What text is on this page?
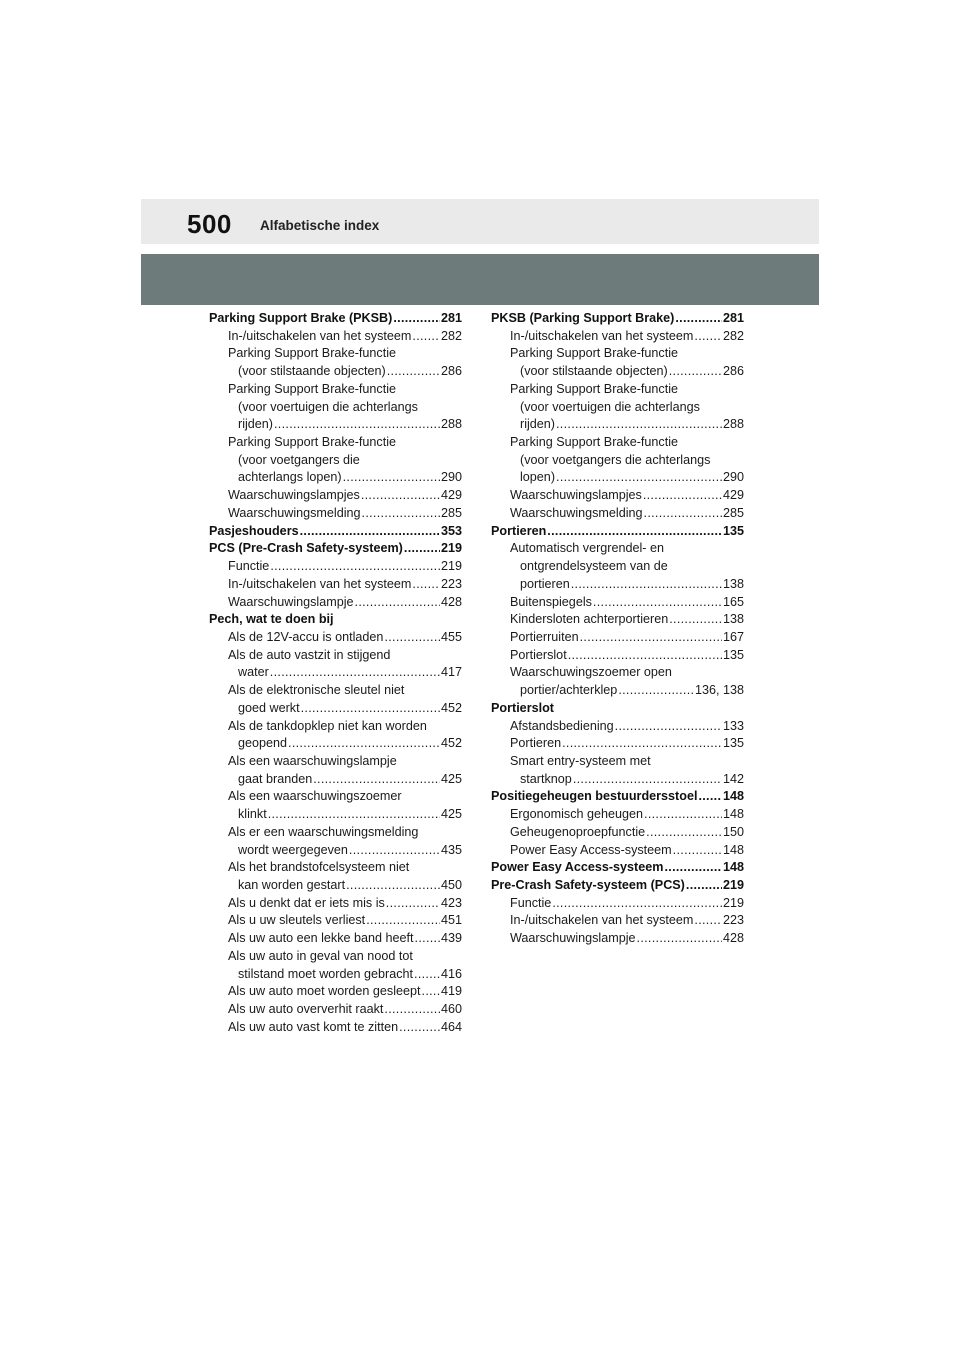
500 Alfabetische index
Parking Support Brake (PKSB) .....	281
In-/uitschakelen van het systeem ..... 282
Parking Support Brake-functie
(voor stilstaande objecten) .....	286
Parking Support Brake-functie
(voor voertuigen die achterlangs
rijden) .....	288
Parking Support Brake-functie
(voor voetgangers die
achterlangs lopen) .....	290
Waarschuwingslampjes .....	429
Waarschuwingsmelding .....	285
Pasjeshouders .....	353
PCS (Pre-Crash Safety-systeem) .....	219
Functie .....	219
In-/uitschakelen van het systeem ..... 223
Waarschuwingslampje .....	428
Pech, wat te doen bij
Als de 12V-accu is ontladen .....	455
Als de auto vastzit in stijgend
water .....	417
Als de elektronische sleutel niet
goed werkt .....	452
Als de tankdopklep niet kan worden
geopend .....	452
Als een waarschuwingslampje
gaat branden .....	425
Als een waarschuwingszoemer
klinkt .....	425
Als er een waarschuwingsmelding
wordt weergegeven .....	435
Als het brandstofcelsysteem niet
kan worden gestart .....	450
Als u denkt dat er iets mis is .....	423
Als u uw sleutels verliest .....	451
Als uw auto een lekke band heeft ..... 439
Als uw auto in geval van nood tot
stilstand moet worden gebracht ..... 416
Als uw auto moet worden gesleept ..... 419
Als uw auto oververhit raakt .....	460
Als uw auto vast komt te zitten .....	464
PKSB (Parking Support Brake) .....	281
In-/uitschakelen van het systeem ..... 282
Parking Support Brake-functie
(voor stilstaande objecten) .....	286
Parking Support Brake-functie
(voor voertuigen die achterlangs
rijden) .....	288
Parking Support Brake-functie
(voor voetgangers die achterlangs
lopen) .....	290
Waarschuwingslampjes .....	429
Waarschuwingsmelding .....	285
Portieren .....	135
Automatisch vergrendel- en
ontgrendelsysteem van de
portieren .....	138
Buitenspiegels .....	165
Kindersloten achterportieren .....	138
Portierruiten .....	167
Portierslot .....	135
Waarschuwingszoemer open
portier/achterklep .....	136, 138
Portierslot
Afstandsbediening .....	133
Portieren .....	135
Smart entry-systeem met
startknop .....	142
Positiegeheugen bestuurdersstoel ..... 148
Ergonomisch geheugen .....	148
Geheugenoproepfunctie .....	150
Power Easy Access-systeem .....	148
Power Easy Access-systeem .....	148
Pre-Crash Safety-systeem (PCS) .....	219
Functie .....	219
In-/uitschakelen van het systeem ..... 223
Waarschuwingslampje .....	428
